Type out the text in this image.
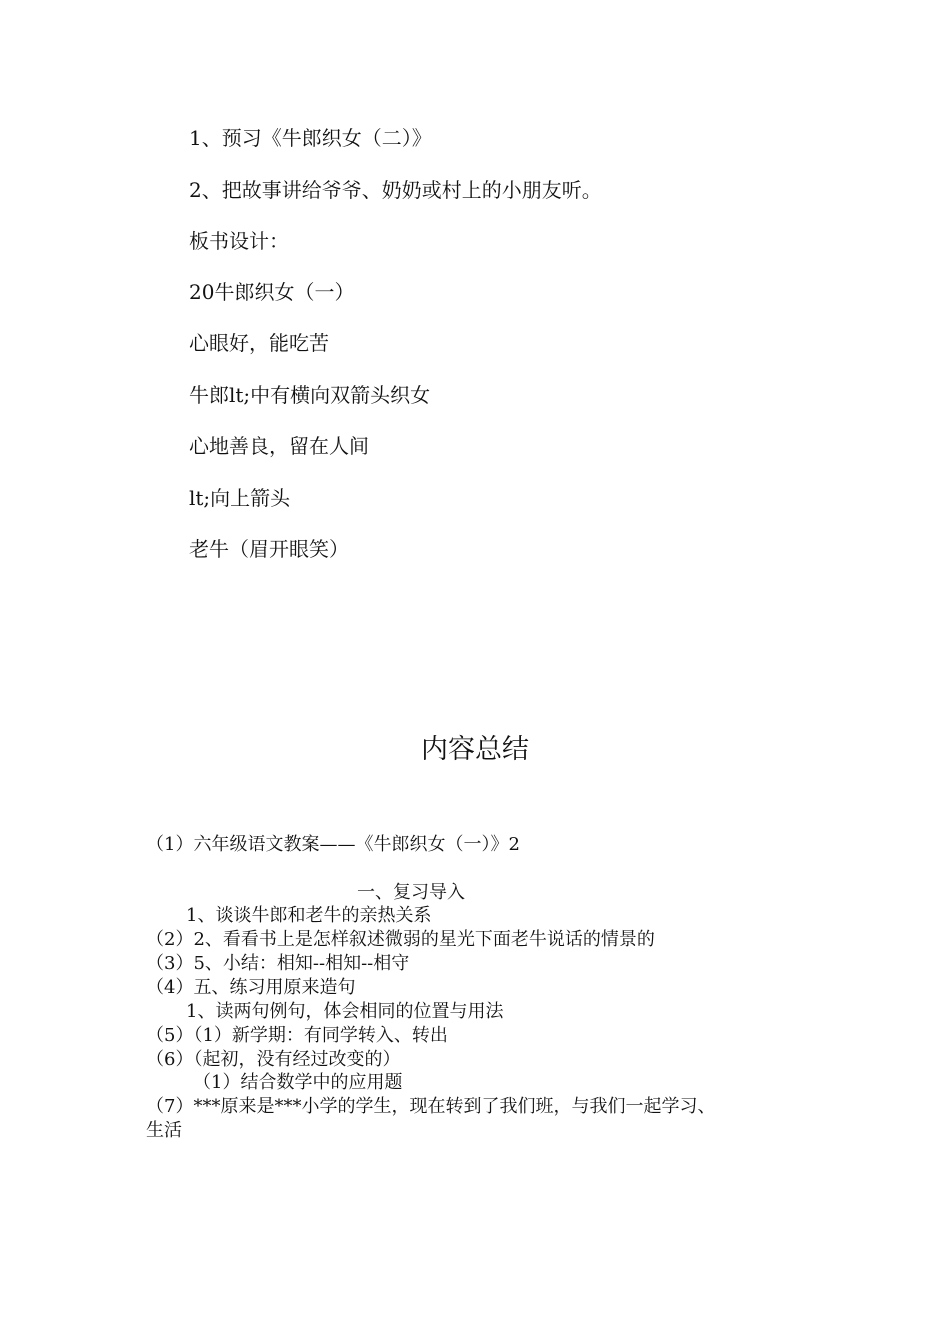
1、预习《牛郎织女（二）》
2、把故事讲给爷爷、奶奶或村上的小朋友听。
板书设计：
20牛郎织女（一）
心眼好，能吃苦
牛郎lt;中有横向双箭头织女
心地善良，留在人间
lt;向上箭头
老牛（眉开眼笑）
内容总结
（1）六年级语文教案——《牛郎织女（一）》2
一、复习导入
1、谈谈牛郎和老牛的亲热关系
（2）2、看看书上是怎样叙述微弱的星光下面老牛说话的情景的
（3）5、小结：相知--相知--相守
（4）五、练习用原来造句
1、读两句例句，体会相同的位置与用法
（5）（1）新学期：有同学转入、转出
（6）（起初，没有经过改变的）
（1）结合数学中的应用题
（7）***原来是***小学的学生，现在转到了我们班，与我们一起学习、
生活
